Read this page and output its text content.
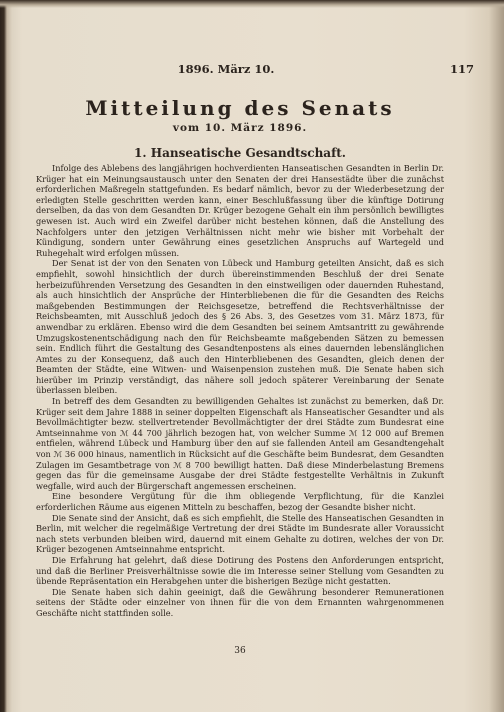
1896. März 10.	117
Mitteilung des Senats
vom 10. März 1896.
1. Hanseatische Gesandtschaft.

Infolge des Ablebens des langjährigen hochverdienten Hanseatischen Gesandten in Berlin Dr. Krüger hat ein Meinungsaustausch unter den Senaten der drei Hansestädte über die zunächst erforderlichen Maßregeln stattgefunden. Es bedarf nämlich, bevor zu der Wiederbesetzung der erledigten Stelle geschritten werden kann, einer Beschlußfassung über die künftige Dotirung derselben, da das von dem Gesandten Dr. Krüger bezogene Gehalt ein ihm persönlich bewilligtes gewesen ist. Auch wird ein Zweifel darüber nicht bestehen können, daß die Anstellung des Nachfolgers unter den jetzigen Verhältnissen nicht mehr wie bisher mit Vorbehalt der Kündigung, sondern unter Gewährung eines gesetzlichen Anspruchs auf Wartegeld und Ruhegehalt wird erfolgen müssen.

Der Senat ist der von den Senaten von Lübeck und Hamburg geteilten Ansicht, daß es sich empfiehlt, sowohl hinsichtlich der durch übereinstimmenden Beschluß der drei Senate herbeizuführenden Versetzung des Gesandten in den einstweiligen oder dauernden Ruhestand, als auch hinsichtlich der Ansprüche der Hinterbliebenen die für die Gesandten des Reichs maßgebenden Bestimmungen der Reichsgesetze, betreffend die Rechtsverhältnisse der Reichsbeamten, mit Ausschluß jedoch des § 26 Abs. 3, des Gesetzes vom 31. März 1873, für anwendbar zu erklären. Ebenso wird die dem Gesandten bei seinem Amtsantritt zu gewährende Umzugskostenentschädigung nach den für Reichsbeamte maßgebenden Sätzen zu bemessen sein. Endlich führt die Gestaltung des Gesandtenpostens als eines dauernden lebenslänglichen Amtes zu der Konsequenz, daß auch den Hinterbliebenen des Gesandten, gleich denen der Beamten der Städte, eine Witwen- und Waisenpension zustehen muß. Die Senate haben sich hierüber im Prinzip verständigt, das nähere soll jedoch späterer Vereinbarung der Senate überlassen bleiben.

In betreff des dem Gesandten zu bewilligenden Gehaltes ist zunächst zu bemerken, daß Dr. Krüger seit dem Jahre 1888 in seiner doppelten Eigenschaft als Hanseatischer Gesandter und als Bevollmächtigter bezw. stellvertretender Bevollmächtigter der drei Städte zum Bundesrat eine Amtseinnahme von ℳ 44 700 jährlich bezogen hat, von welcher Summe ℳ 12 000 auf Bremen entfielen, während Lübeck und Hamburg über den auf sie fallenden Anteil am Gesandtengehalt von ℳ 36 000 hinaus, namentlich in Rücksicht auf die Geschäfte beim Bundesrat, dem Gesandten Zulagen im Gesamtbetrage von ℳ 8 700 bewilligt hatten. Daß diese Minderbelastung Bremens gegen das für die gemeinsame Ausgabe der drei Städte festgestellte Verhältnis in Zukunft wegfalle, wird auch der Bürgerschaft angemessen erscheinen.

Eine besondere Vergütung für die ihm obliegende Verpflichtung, für die Kanzlei erforderlichen Räume aus eigenen Mitteln zu beschaffen, bezog der Gesandte bisher nicht.

Die Senate sind der Ansicht, daß es sich empfiehlt, die Stelle des Hanseatischen Gesandten in Berlin, mit welcher die regelmäßige Vertretung der drei Städte im Bundesrate aller Voraussicht nach stets verbunden bleiben wird, dauernd mit einem Gehalte zu dotiren, welches der von Dr. Krüger bezogenen Amtseinnahme entspricht.

Die Erfahrung hat gelehrt, daß diese Dotirung des Postens den Anforderungen entspricht, und daß die Berliner Preisverhältnisse sowie die im Interesse seiner Stellung vom Gesandten zu übende Repräsentation ein Herabgehen unter die bisherigen Bezüge nicht gestatten.

Die Senate haben sich dahin geeinigt, daß die Gewährung besonderer Remunerationen seitens der Städte oder einzelner von ihnen für die von dem Ernannten wahrgenommenen Geschäfte nicht stattfinden solle.

36
